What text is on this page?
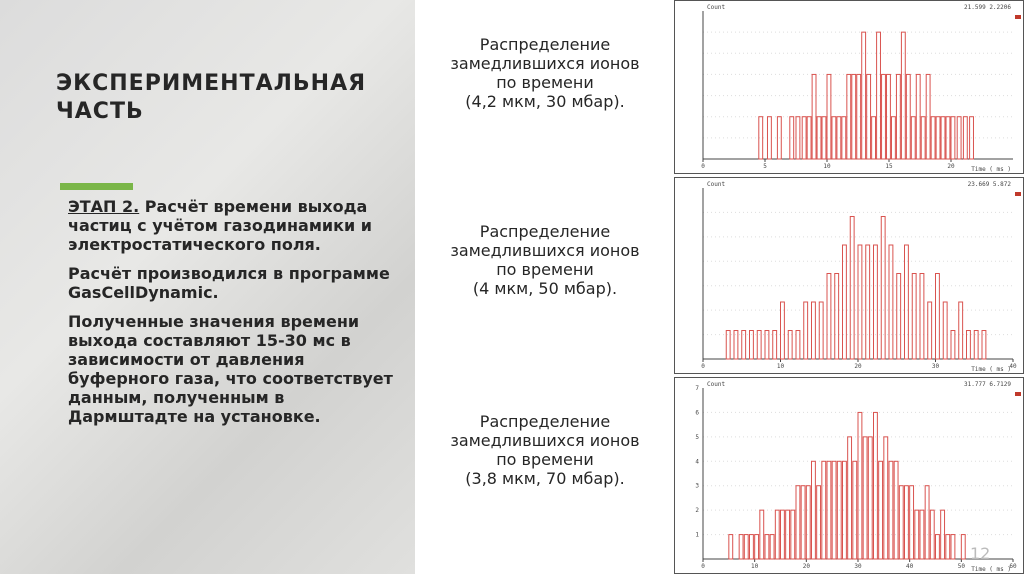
ЭКСПЕРИМЕНТАЛЬНАЯ ЧАСТЬ

ЭТАП 2. Расчёт времени выхода частиц с учётом газодинамики и электростатического поля.

Расчёт производился в программе GasCellDynamic.

Полученные значения времени выхода составляют 15-30 мс в зависимости от давления буферного газа, что соответствует данным, полученным в Дармштадте на установке.

Распределение
замедлившихся ионов
по времени
(4,2 мкм, 30 мбар).
Распределение
замедлившихся ионов
по времени
(4 мкм, 50 мбар).
Распределение
замедлившихся ионов
по времени
(3,8 мкм, 70 мбар).
Count	21.599 2.2206
Time ( ms )
0	5	10	15	20
Count	23.669 5.872
Time ( ms )
0	10	20	30	40
Count	31.777 6.7129
Time ( ms )
0	10	20	30	40	50	60
1
2
3
4
5
6
7
12
